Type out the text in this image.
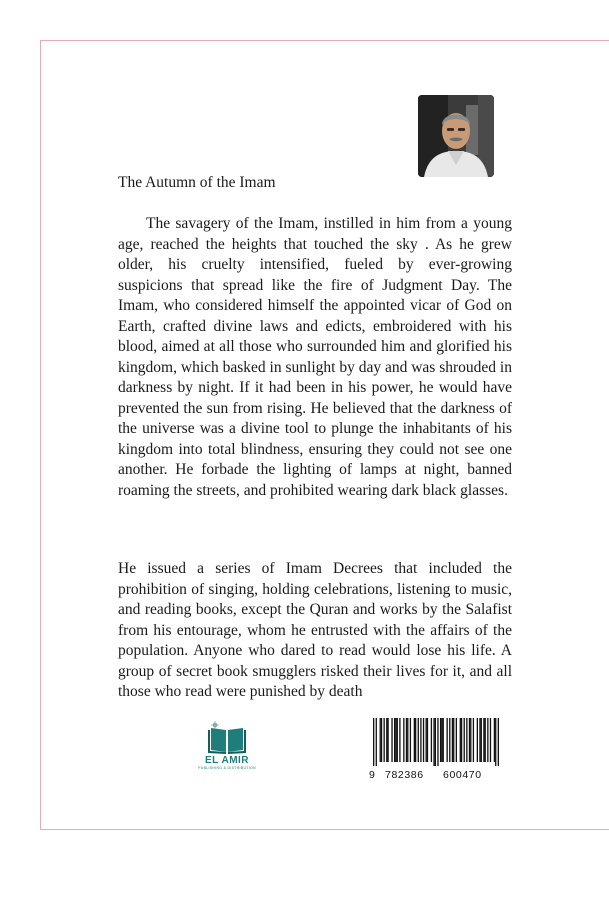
The Autumn of the Imam

The savagery of the Imam, instilled in him from a young age, reached the heights that touched the sky . As he grew older, his cruelty intensified, fueled by ever-growing suspicions that spread like the fire of Judgment Day. The Imam, who considered himself the appointed vicar of God on Earth, crafted divine laws and edicts, embroidered with his blood, aimed at all those who surrounded him and glorified his kingdom, which basked in sunlight by day and was shrouded in darkness by night. If it had been in his power, he would have prevented the sun from rising. He believed that the darkness of the universe was a divine tool to plunge the inhabitants of his kingdom into total blindness, ensuring they could not see one another. He forbade the lighting of lamps at night, banned roaming the streets, and prohibited wearing dark black glasses.

He issued a series of Imam Decrees that included the prohibition of singing, holding celebrations, listening to music, and reading books, except the Quran and works by the Salafist from his entourage, whom he entrusted with the affairs of the population. Anyone who dared to read would lose his life. A group of secret book smugglers risked their lives for it, and all those who read were punished by death

EL AMIR
PUBLISHING & DISTRIBUTION
9 782386 600470
